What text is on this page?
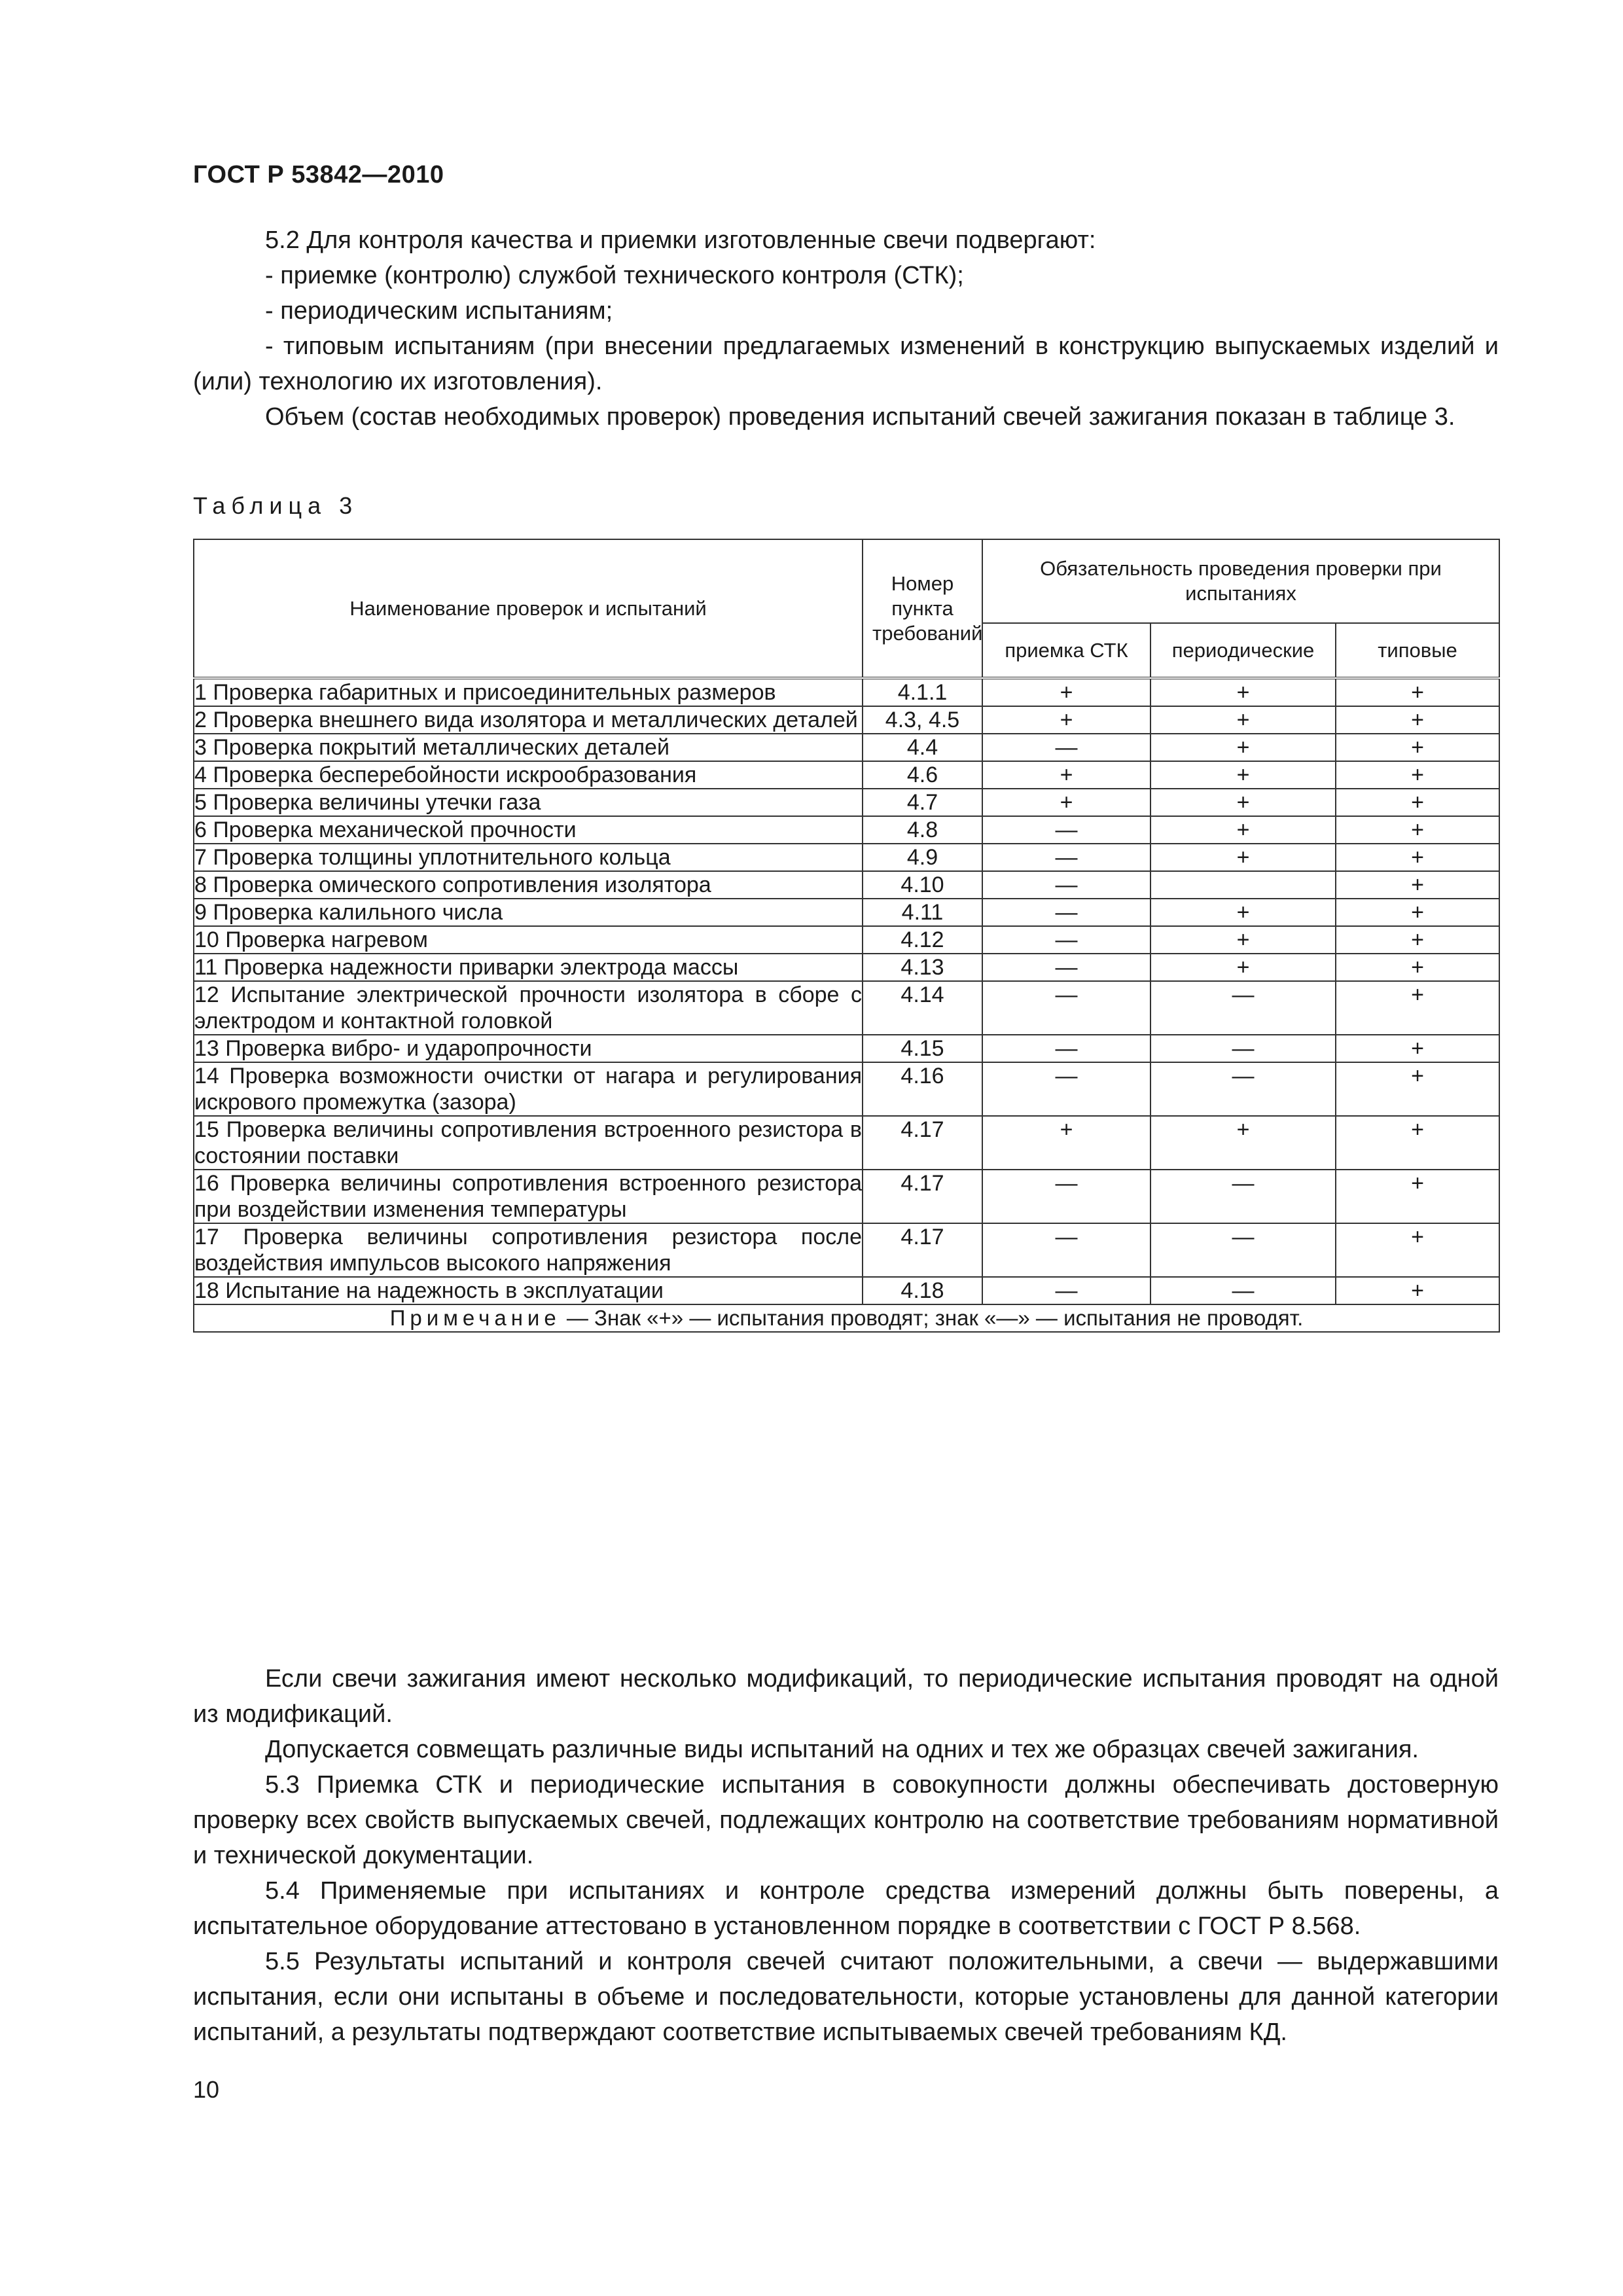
ГОСТ Р 53842—2010

5.2 Для контроля качества и приемки изготовленные свечи подвергают:

- приемке (контролю) службой технического контроля (СТК);

- периодическим испытаниям;

- типовым испытаниям (при внесении предлагаемых изменений в конструкцию выпускаемых изделий и (или) технологию их изготовления).

Объем (состав необходимых проверок) проведения испытаний свечей зажигания показан в таблице 3.

Таблица 3
Наименование проверок и испытаний	Номер пункта требований	Обязательность проведения проверки при испытаниях		
		приемка СТК	периодические	типовые
1 Проверка габаритных и присоединительных размеров	4.1.1	+	+	+
2 Проверка внешнего вида изолятора и металлических деталей	4.3, 4.5	+	+	+
3 Проверка покрытий металлических деталей	4.4	—	+	+
4 Проверка бесперебойности искрообразования	4.6	+	+	+
5 Проверка величины утечки газа	4.7	+	+	+
6 Проверка механической прочности	4.8	—	+	+
7 Проверка толщины уплотнительного кольца	4.9	—	+	+
8 Проверка омического сопротивления изолятора	4.10	—		+
9 Проверка калильного числа	4.11	—	+	+
10 Проверка нагревом	4.12	—	+	+
11 Проверка надежности приварки электрода массы	4.13	—	+	+
12 Испытание электрической прочности изолятора в сборе с электродом и контактной головкой	4.14	—	—	+
13 Проверка вибро- и ударопрочности	4.15	—	—	+
14 Проверка возможности очистки от нагара и регулирования искрового промежутка (зазора)	4.16	—	—	+
15 Проверка величины сопротивления встроенного резистора в состоянии поставки	4.17	+	+	+
16 Проверка величины сопротивления встроенного резистора при воздействии изменения температуры	4.17	—	—	+
17 Проверка величины сопротивления резистора после воздействия импульсов высокого напряжения	4.17	—	—	+
18 Испытание на надежность в эксплуатации	4.18	—	—	+
Примечание — Знак «+» — испытания проводят; знак «—» — испытания не проводят.				

Если свечи зажигания имеют несколько модификаций, то периодические испытания проводят на одной из модификаций.

Допускается совмещать различные виды испытаний на одних и тех же образцах свечей зажигания.

5.3 Приемка СТК и периодические испытания в совокупности должны обеспечивать достоверную проверку всех свойств выпускаемых свечей, подлежащих контролю на соответствие требованиям нормативной и технической документации.

5.4 Применяемые при испытаниях и контроле средства измерений должны быть поверены, а испытательное оборудование аттестовано в установленном порядке в соответствии с ГОСТ Р 8.568.

5.5 Результаты испытаний и контроля свечей считают положительными, а свечи — выдержавшими испытания, если они испытаны в объеме и последовательности, которые установлены для данной категории испытаний, а результаты подтверждают соответствие испытываемых свечей требованиям КД.

10
